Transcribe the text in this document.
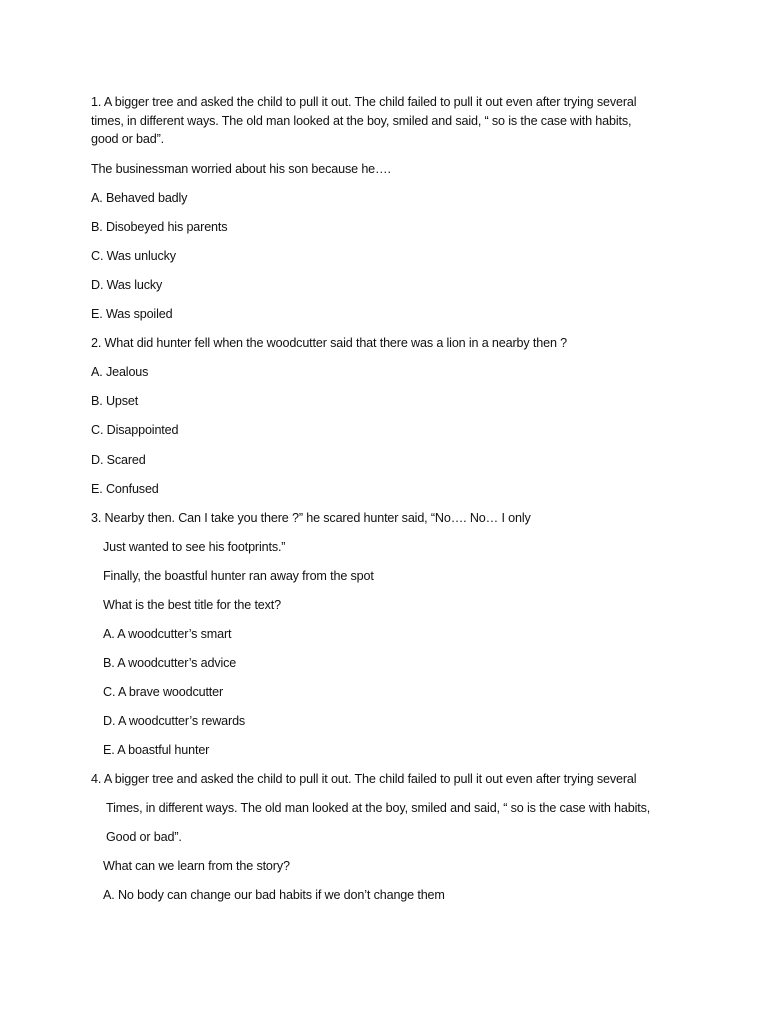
1. A bigger tree and asked the child to pull it out. The child failed to pull it out even after trying several
times, in different ways. The old man looked at the boy, smiled and said, “ so is the case with habits,
good or bad”.
The businessman worried about his son because he….
A. Behaved badly
B. Disobeyed his parents
C. Was unlucky
D. Was lucky
E. Was spoiled
2. What did hunter fell when the woodcutter said that there was a lion in a nearby then ?
A. Jealous
B. Upset
C. Disappointed
D. Scared
E. Confused
3. Nearby then. Can I take you there ?” he scared hunter said, “No…. No… I only
Just wanted to see his footprints.”
Finally, the boastful hunter ran away from the spot
What is the best title for the text?
A. A woodcutter’s smart
B. A woodcutter’s advice
C. A brave woodcutter
D. A woodcutter’s rewards
E. A boastful hunter
4. A bigger tree and asked the child to pull it out. The child failed to pull it out even after trying several
Times, in different ways. The old man looked at the boy, smiled and said, “ so is the case with habits,
Good or bad”.
What can we learn from the story?
A. No body can change our bad habits if we don’t change them
